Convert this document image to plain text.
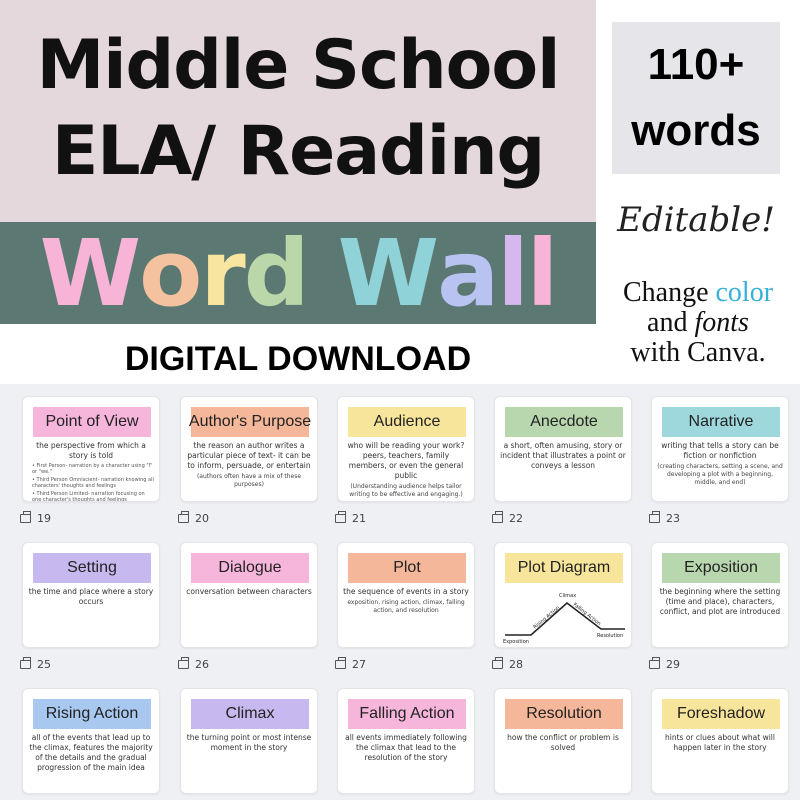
Middle School
ELA/ Reading
W o r d
W a l l
DIGITAL DOWNLOAD
110+
words
Editable!
Change color
and fonts
with Canva.
Point of View
the perspective from which a story is told
• First Person- narration by a character using "I" or "we."
• Third Person Omniscient- narration knowing all characters' thoughts and feelings
• Third Person Limited- narration focusing on one character's thoughts and feelings
19
Author's Purpose
the reason an author writes a particular piece of text- it can be to inform, persuade, or entertain
(authors often have a mix of these purposes)
20
Audience
who will be reading your work? peers, teachers, family members, or even the general public
(Understanding audience helps tailor writing to be effective and engaging.)
21
Anecdote
a short, often amusing, story or incident that illustrates a point or conveys a lesson
22
Narrative
writing that tells a story can be fiction or nonfiction
(creating characters, setting a scene, and developing a plot with a beginning, middle, and end)
23
Setting
the time and place where a story occurs
25
Dialogue
conversation between characters
26
Plot
the sequence of events in a story
exposition, rising action, climax, falling action, and resolution
27
Plot Diagram
Exposition
Rising Action
Climax
Falling Action
Resolution
28
Exposition
the beginning where the setting (time and place), characters, conflict, and plot are introduced
29
Rising Action
all of the events that lead up to the climax, features the majority of the details and the gradual progression of the main idea
Climax
the turning point or most intense moment in the story
Falling Action
all events immediately following the climax that lead to the resolution of the story
Resolution
how the conflict or problem is solved
Foreshadow
hints or clues about what will happen later in the story
